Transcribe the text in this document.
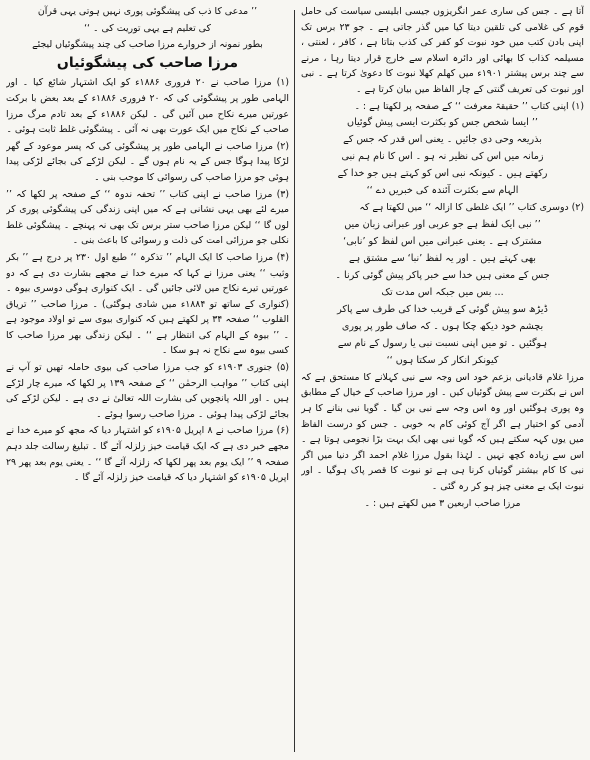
آتا ہے ۔ جس کی ساری عمر انگریزوں جیسی ابلیسی سیاست کی حامل قوم کی غلامی کی تلقین دیتا کیا میں گذر جاتی ہے ۔ جو ۲۳ برس تک اپنی بادن کتب میں خود نبوت کو کفر کی کذب بتاتا ہے ، کافر ، لعنتی ، مسیلمہ کذاب کا بھائی اور دائرہ اسلام سے خارج قرار دیتا رہا ، مرنے سے چند برس پیشتر ۱۹۰۱ء میں کھلم کھلا نبوت کا دعویٰ کرتا ہے ۔ نبی اور نبوت کی تعریف گنتی کے چار الفاظ میں بیان کرتا ہے ۔

(۱) اپنی کتاب ’’ حقیقۃ معرفت ‘‘ کے صفحہ پر لکھتا ہے : ۔

’’ ایسا شخص جس کو بکثرت ایسی پیش گوئیاں

بذریعہ وحی دی جائیں ۔ یعنی اس قدر کہ جس کے

زمانہ میں اس کی نظیر نہ ہو ۔ اس کا نام ہم نبی

رکھتے ہیں ۔ کیونکہ نبی اس کو کہتے ہیں جو خدا کے

الہام سے بکثرت آئندہ کی خبریں دے ‘‘

(۲) دوسری کتاب ’’ ایک غلطی کا ازالہ ‘‘ میں لکھتا ہے کہ

’’ نبی ایک لفظ ہے جو عربی اور عبرانی زبان میں

مشترک ہے ۔ یعنی عبرانی میں اس لفظ کو ’نابی‘

بھی کہتے ہیں ۔ اور یہ لفظ ’نبا‘ سے مشتق ہے

جس کے معنی ہیں خدا سے خبر پاکر پیش گوئی کرنا ۔

... بس میں جبکہ اس مدت تک

ڈیڑھ سو پیش گوئی کے قریب خدا کی طرف سے پاکر

بچشم خود دیکھ چکا ہوں ۔ کہ صاف طور پر پوری

ہوگئیں ۔ تو میں اپنی نسبت نبی یا رسول کے نام سے

کیونکر انکار کر سکتا ہوں ‘‘

مرزا غلام قادیانی بزعم خود اس وجہ سے نبی کہلانے کا مستحق ہے کہ اس نے بکثرت سے پیش گوئیاں کیں ۔ اور مرزا صاحب کے خیال کے مطابق وہ پوری ہوگئیں اور وہ اس وجہ سے نبی بن گیا ۔ گویا نبی بنانے کا ہر آدمی کو اختیار ہے اگر آج کوئی کام بہ خوبی ۔ جس کو درست الفاظ میں یوں کہہ سکتے ہیں کہ گویا نبی بھی ایک بہت بڑا نجومی ہوتا ہے ۔ اس سے زیادہ کچھ نہیں ۔ لہٰذا بقول مرزا غلام احمد اگر دنیا میں اگر نبی کا کام بیشتر گوئیاں کرنا ہی ہے تو نبوت کا قصر پاک ہوگیا ۔ اور نبوت ایک بے معنی چیز ہو کر رہ گئی ۔

مرزا صاحب اربعین ۳ میں لکھتے ہیں : ۔

’’ مدعی کا ذب کی پیشگوئی پوری نہیں ہوتی یہی قرآن

کی تعلیم ہے یہی توریت کی ۔ ‘‘

بطور نمونہ از خروارے مرزا صاحب کی چند پیشگوئیاں لیجئے

مرزا صاحب کی پیشگوئیاں

(۱) مرزا صاحب نے ۲۰ فروری ۱۸۸۶ء کو ایک اشتہار شائع کیا ۔ اور الہامی طور پر پیشگوئی کی کہ ۲۰ فروری ۱۸۸۶ء کے بعد بعض با برکت عورتیں میرے نکاح میں آئیں گی ۔ لیکن ۱۸۸۶ء کے بعد تادم مرگ مرزا صاحب کے نکاح میں ایک عورت بھی نہ آئی ۔ پیشگوئی غلط ثابت ہوئی ۔

(۲) مرزا صاحب نے الہامی طور پر پیشگوئی کی کہ پسر موعود کے گھر لڑکا پیدا ہوگا جس کے یہ نام ہوں گے ۔ لیکن لڑکے کی بجائے لڑکی پیدا ہوئی جو مرزا صاحب کی رسوائی کا موجب بنی ۔

(۳) مرزا صاحب نے اپنی کتاب ’’ تحفہ ندوہ ‘‘ کے صفحہ پر لکھا کہ ’’ میرے لئے بھی یہی نشانی ہے کہ میں اپنی زندگی کی پیشگوئی پوری کر لوں گا ‘‘ لیکن مرزا صاحب ستر برس تک بھی نہ پہنچے ۔ پیشگوئی غلط نکلی جو مرزائی امت کی ذلت و رسوائی کا باعث بنی ۔

(۴) مرزا صاحب کا ایک الہام ’’ تذکرہ ‘‘ طبع اول ۲۳۰ پر درج ہے ’’ بکر وثیب ‘‘ یعنی مرزا نے کہا کہ میرے خدا نے مجھے بشارت دی ہے کہ دو عورتیں تیرے نکاح میں لائی جائیں گی ۔ ایک کنواری ہوگی دوسری بیوہ ۔ (کنواری کے ساتھ تو ۱۸۸۴ء میں شادی ہوگئی) ۔ مرزا صاحب ’’ تریاق القلوب ‘‘ صفحہ ۳۴ پر لکھتے ہیں کہ کنواری بیوی سے تو اولاد موجود ہے ۔ ’’ بیوہ کے الہام کی انتظار ہے ‘‘ ۔ لیکن زندگی بھر مرزا صاحب کا کسی بیوہ سے نکاح نہ ہو سکا ۔

(۵) جنوری ۱۹۰۳ء کو جب مرزا صاحب کی بیوی حاملہ تھیں تو آپ نے اپنی کتاب ’’ مواہب الرحمٰن ‘‘ کے صفحہ ۱۳۹ پر لکھا کہ میرے چار لڑکے ہیں ۔ اور اللہ پانچویں کی بشارت اللہ تعالیٰ نے دی ہے ۔ لیکن لڑکے کی بجائے لڑکی پیدا ہوئی ۔ مرزا صاحب رسوا ہوئے ۔

(۶) مرزا صاحب نے ۸ اپریل ۱۹۰۵ء کو اشتہار دیا کہ مجھ کو میرے خدا نے مجھے خبر دی ہے کہ ایک قیامت خیز زلزلہ آئے گا ۔ تبلیغ رسالت جلد دہم صفحہ ۹ ’’ ایک یوم بعد پھر لکھا کہ زلزلہ آئے گا ‘‘ ۔ یعنی یوم بعد پھر ۲۹ اپریل ۱۹۰۵ء کو اشتہار دیا کہ قیامت خیز زلزلہ آئے گا ۔
